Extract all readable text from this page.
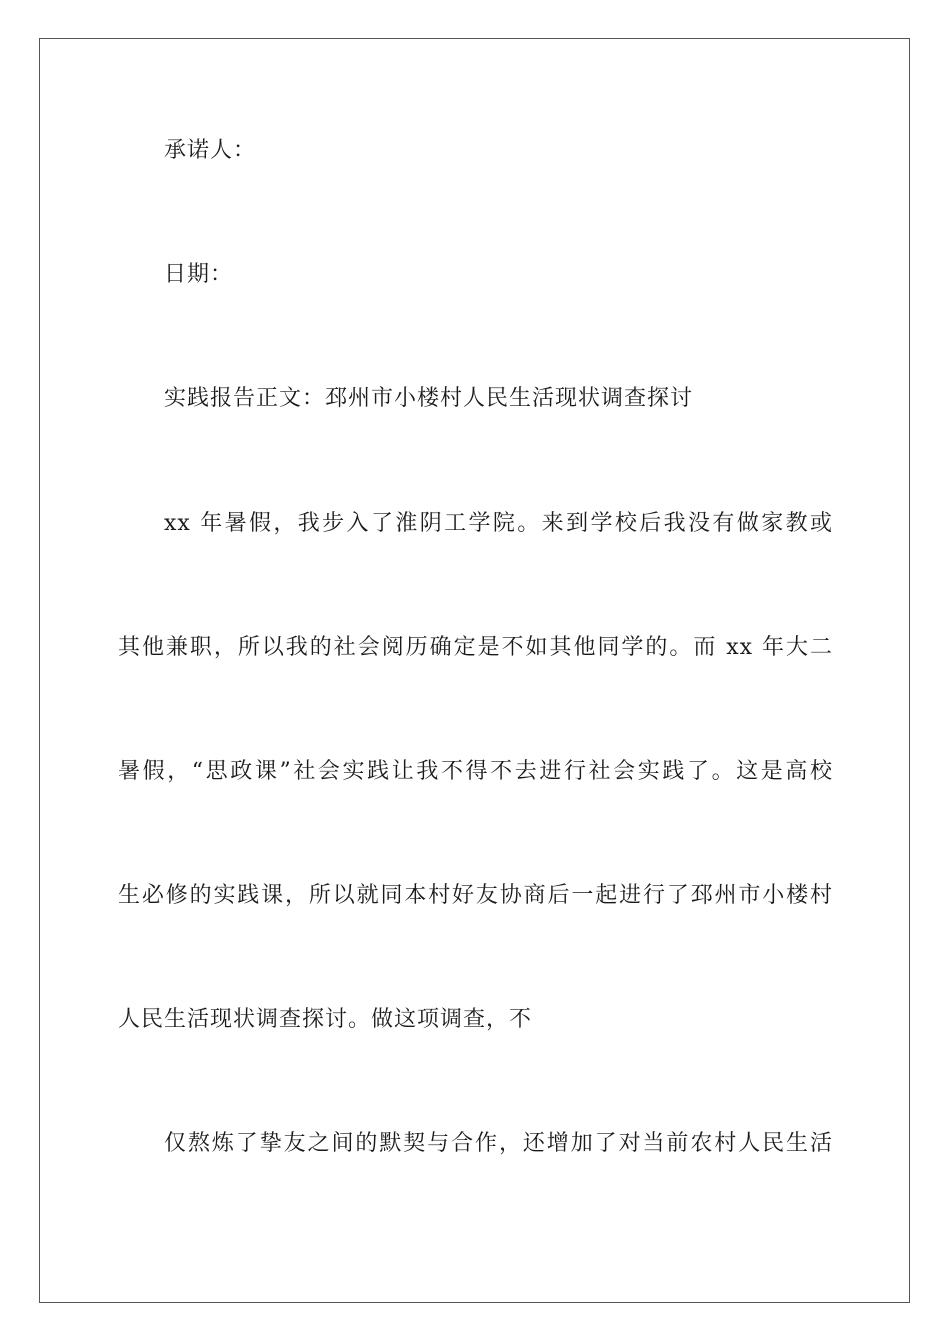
承诺人：
日期：
实践报告正文：邳州市小楼村人民生活现状调查探讨
xx 年暑假，我步入了淮阴工学院。来到学校后我没有做家教或
其他兼职，所以我的社会阅历确定是不如其他同学的。而 xx 年大二
暑假，“思政课”社会实践让我不得不去进行社会实践了。这是高校
生必修的实践课，所以就同本村好友协商后一起进行了邳州市小楼村
人民生活现状调查探讨。做这项调查，不
仅熬炼了挚友之间的默契与合作，还增加了对当前农村人民生活
